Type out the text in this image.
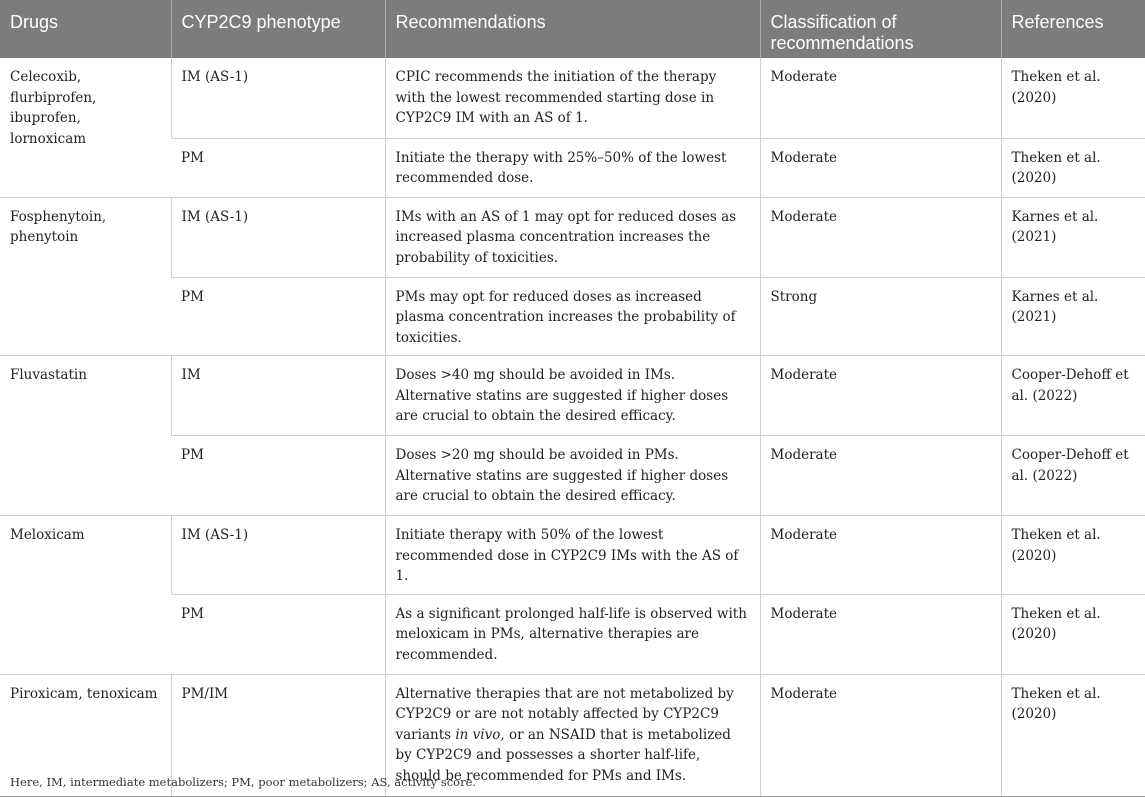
Drugs	CYP2C9 phenotype	Recommendations	Classification of recommendations	References
Celecoxib, flurbiprofen, ibuprofen, lornoxicam	IM (AS-1)	CPIC recommends the initiation of the therapy with the lowest recommended starting dose in CYP2C9 IM with an AS of 1.	Moderate	Theken et al. (2020)
	PM	Initiate the therapy with 25%–50% of the lowest recommended dose.	Moderate	Theken et al. (2020)
Fosphenytoin, phenytoin	IM (AS-1)	IMs with an AS of 1 may opt for reduced doses as increased plasma concentration increases the probability of toxicities.	Moderate	Karnes et al. (2021)
	PM	PMs may opt for reduced doses as increased plasma concentration increases the probability of toxicities.	Strong	Karnes et al. (2021)
Fluvastatin	IM	Doses >40 mg should be avoided in IMs. Alternative statins are suggested if higher doses are crucial to obtain the desired efficacy.	Moderate	Cooper-Dehoff et al. (2022)
	PM	Doses >20 mg should be avoided in PMs. Alternative statins are suggested if higher doses are crucial to obtain the desired efficacy.	Moderate	Cooper-Dehoff et al. (2022)
Meloxicam	IM (AS-1)	Initiate therapy with 50% of the lowest recommended dose in CYP2C9 IMs with the AS of 1.	Moderate	Theken et al. (2020)
	PM	As a significant prolonged half-life is observed with meloxicam in PMs, alternative therapies are recommended.	Moderate	Theken et al. (2020)
Piroxicam, tenoxicam	PM/IM	Alternative therapies that are not metabolized by CYP2C9 or are not notably affected by CYP2C9 variants in vivo, or an NSAID that is metabolized by CYP2C9 and possesses a shorter half-life, should be recommended for PMs and IMs.	Moderate	Theken et al. (2020)
Here, IM, intermediate metabolizers; PM, poor metabolizers; AS, activity score.
